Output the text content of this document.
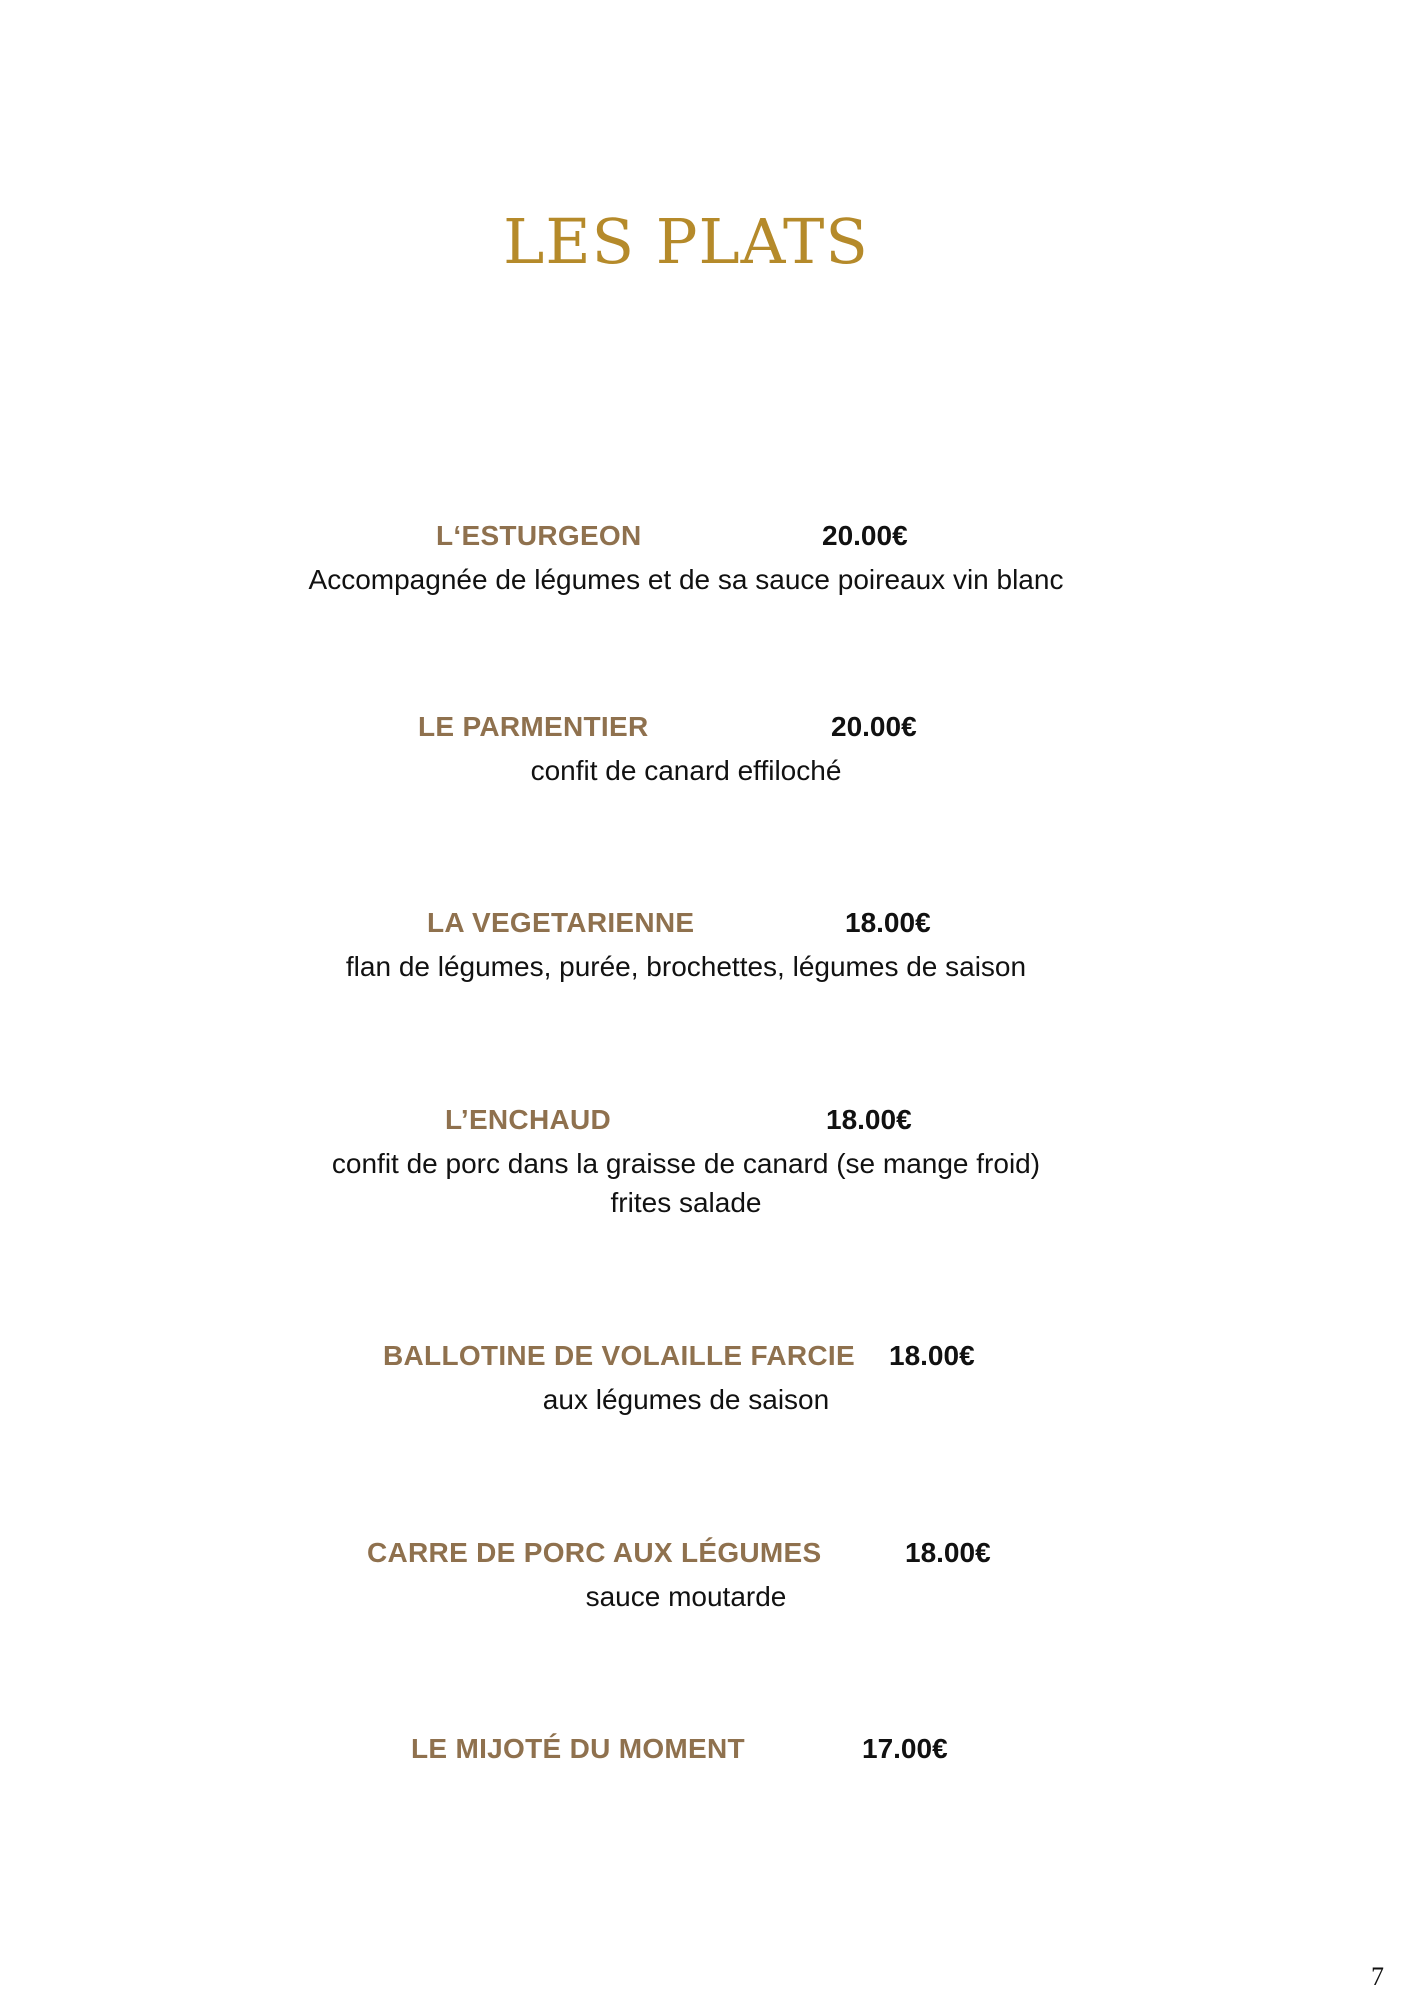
LES PLATS
L‘ESTURGEON	20.00€

Accompagnée de légumes et de sa sauce poireaux vin blanc

LE PARMENTIER	20.00€

confit de canard effiloché

LA VEGETARIENNE	18.00€

flan de légumes, purée, brochettes, légumes de saison

L’ENCHAUD	18.00€

confit de porc dans la graisse de canard (se mange froid)

frites salade

BALLOTINE DE VOLAILLE FARCIE 18.00€

aux légumes de saison

CARRE DE PORC AUX LÉGUMES	18.00€

sauce moutarde

LE MIJOTÉ DU MOMENT	17.00€
7
